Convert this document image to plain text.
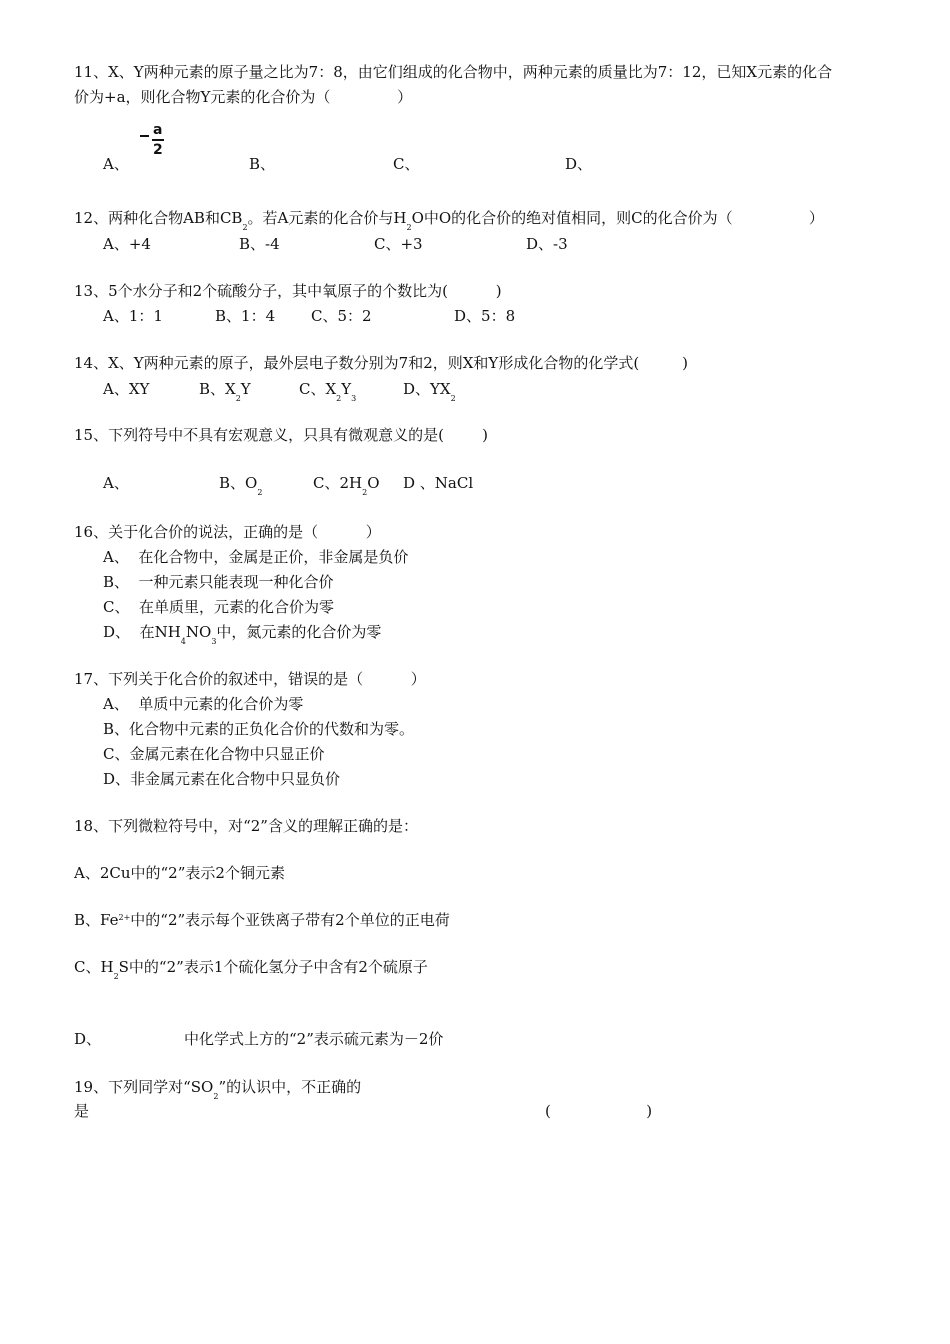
11、X、Y两种元素的原子量之比为7：8，由它们组成的化合物中，两种元素的质量比为7：12，已知X元素的化合
价为+a，则化合物Y元素的化合价为（              ）
a
2
A、	B、	C、	D、
12、两种化合物AB和$CB_2$。若A元素的化合价与$H_2O$中O的化合价的绝对值相同，则C的化合价为（                ）
A、+4	B、-4	C、+3	D、-3
13、5个水分子和2个硫酸分子，其中氧原子的个数比为(          )
A、1：1	B、1：4 C、5：2	D、5：8
14、X、Y两种元素的原子，最外层电子数分别为7和2，则X和Y形成化合物的化学式(         )
A、XY	B、$X_2Y$	C、$X_2Y_3$
D、$YX_2$
15、下列符号中不具有宏观意义，只具有微观意义的是(        )
A、	B、$O_2$
C、$2H_2O$ D 、NaCl
16、关于化合价的说法，正确的是（          ）
A、  在化合物中，金属是正价，非金属是负价
B、  一种元素只能表现一种化合价
C、  在单质里，元素的化合价为零
D、  在$NH_4NO_3$中，氮元素的化合价为零
17、下列关于化合价的叙述中，错误的是（          ）
A、  单质中元素的化合价为零
B、化合物中元素的正负化合价的代数和为零。
C、金属元素在化合物中只显正价
D、非金属元素在化合物中只显负价
18、下列微粒符号中，对“2”含义的理解正确的是：
A、2Cu中的“2”表示2个铜元素
B、$Fe^{2+}$中的“2”表示每个亚铁离子带有2个单位的正电荷
C、$H_2S$中的“2”表示1个硫化氢分子中含有2个硫原子
D、	中化学式上方的“2”表示硫元素为－2价
19、下列同学对“$SO_2$”的认识中，不正确的
是	(                    )
